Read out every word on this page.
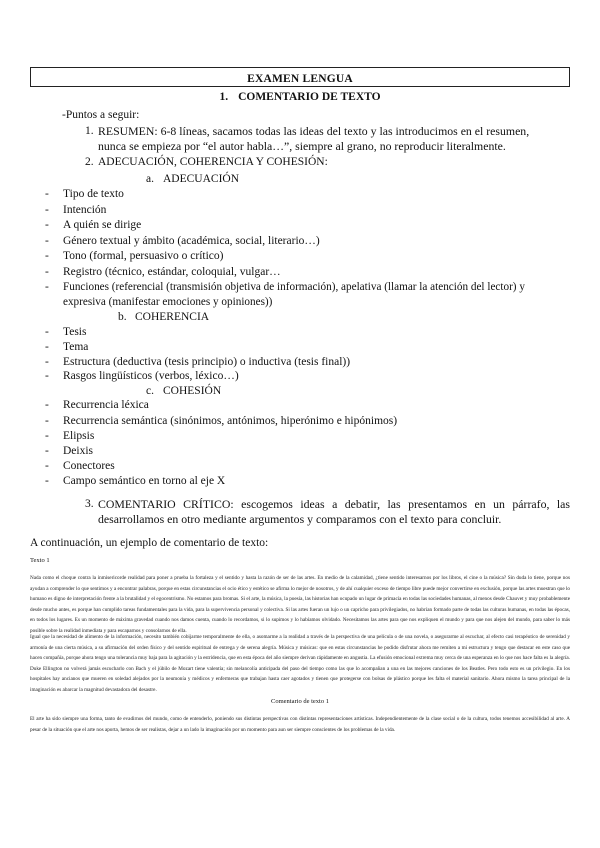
EXAMEN LENGUA
1. COMENTARIO DE TEXTO
-Puntos a seguir:
1. RESUMEN: 6-8 líneas, sacamos todas las ideas del texto y las introducimos en el resumen,
nunca se empieza por “el autor habla…”, siempre al grano, no reproducir literalmente.
2. ADECUACIÓN, COHERENCIA Y COHESIÓN:
a. ADECUACIÓN
- Tipo de texto
- Intención
- A quién se dirige
- Género textual y ámbito (académica, social, literario…)
- Tono (formal, persuasivo o crítico)
- Registro (técnico, estándar, coloquial, vulgar…
- Funciones (referencial (transmisión objetiva de información), apelativa (llamar la atención del lector) y
expresiva (manifestar emociones y opiniones))
b. COHERENCIA
- Tesis
- Tema
- Estructura (deductiva (tesis principio) o inductiva (tesis final))
- Rasgos lingüísticos (verbos, léxico…)
c. COHESIÓN
- Recurrencia léxica
- Recurrencia semántica (sinónimos, antónimos, hiperónimo e hipónimos)
- Elipsis
- Deixis
- Conectores
- Campo semántico en torno al eje X
3. COMENTARIO CRÍTICO: escogemos ideas a debatir, las presentamos en un párrafo, las desarrollamos en otro mediante argumentos y comparamos con el texto para concluir.
A continuación, un ejemplo de comentario de texto:
Texto 1
Nada como el choque contra la inmisericorde realidad para poner a prueba la fortaleza y el sentido y hasta la razón de ser de las artes. En medio de la calamidad, ¿tiene sentido interesarnos por los libros, el cine o la música? Sin duda lo tiene, porque nos ayudan a comprender lo que sentimos y a encontrar palabras, porque en estas circunstancias el ocio ético y estético se afirma lo mejor de nosotros, y de ahí cualquier exceso de tiempo libre puede mejor convertirse en exclusión, porque las artes muestran que lo humano es digno de interpretación frente a la brutalidad y el egocentrismo. No estamos para bromas. Si el arte, la música, la poesía, las historias han ocupado un lugar de primacía en todas las sociedades humanas, al menos desde Chauvet y muy probablemente desde mucho antes, es porque han cumplido tareas fundamentales para la vida, para la supervivencia personal y colectiva. Si las artes fueran un lujo o un capricho para privilegiados, no habrían formado parte de todas las culturas humanas, en todas las épocas, en todos los lugares. Es un momento de máxima gravedad cuando nos damos cuenta, cuando lo recordamos, si lo supimos y lo habíamos olvidado. Necesitamos las artes para que nos expliquen el mundo y para que nos alejen del mundo, para saber lo más posible sobre la realidad inmediata y para escaparnos y consolarnos de ella.
Igual que la necesidad de alimento de la información, necesito también cobijarme temporalmente de ella, o asomarme a la realidad a través de la perspectiva de una película o de una novela, o asegurarme al escuchar, al efecto casi terapéutico de serenidad y armonía de una cierta música, a su afirmación del orden físico y del sentido espiritual de entrega y de serena alegría. Música y músicas: que en estas circunstancias he podido disfrutar ahora me remiten a mi estructura y tengo que destacar en este caso que hacen compañía, porque ahora tengo una tolerancia muy baja para la agitación y la estridencia, que en esta época del año siempre derivan rápidamente en angustia. La efusión emocional extrema muy cerca de una esperanza en lo que nos hace falta es la alegría. Duke Ellington no volverá jamás escucharlo con Bach y el júbilo de Mozart tiene valentía; sin melancolía anticipada del paso del tiempo como las que lo acompañan a una en las mejores canciones de los Beatles. Pero todo esto es un privilegio. En los hospitales hay ancianos que mueren en soledad alejados por la neumonía y médicos y enfermeras que trabajan hasta caer agotados y tienen que protegerse con bolsas de plástico porque les falta el material sanitario. Ahora mismo la tarea principal de la imaginación es abarcar la magnitud devastadora del desastre.
Comentario de texto 1
El arte ha sido siempre una forma, tanto de evadirnos del mundo, como de entenderlo, poniendo sus distintas perspectivas con distintas representaciones artísticas. Independientemente de la clase social o de la cultura, todos tenemos accesibilidad al arte. A pesar de la situación que el arte nos aporta, hemos de ser realistas, dejar a un lado la imaginación por un momento para aun ser siempre conscientes de los problemas de la vida.
